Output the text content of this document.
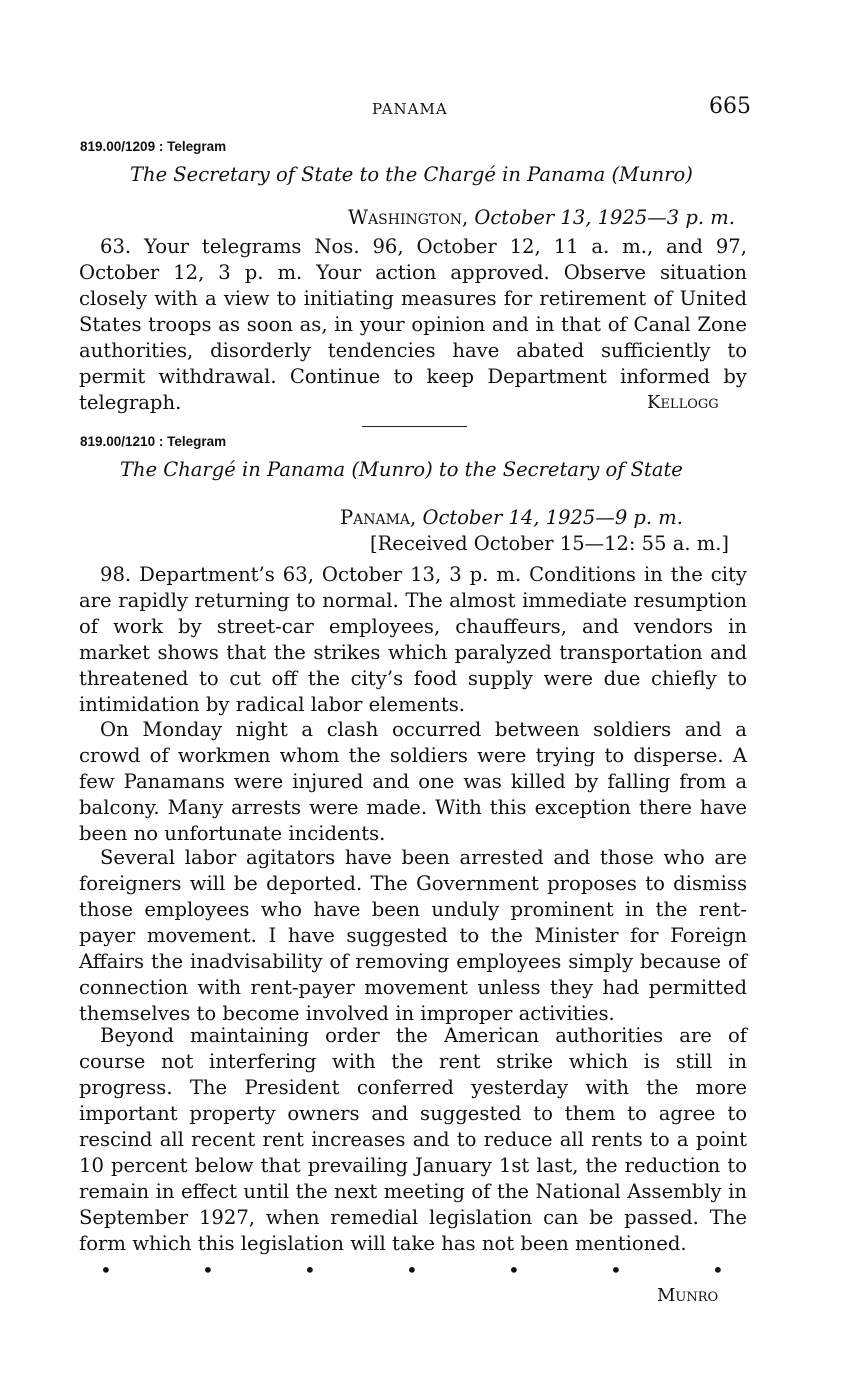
PANAMA	665
819.00/1209 : Telegram
The Secretary of State to the Chargé in Panama (Munro)
Washington, October 13, 1925—3 p. m.
63. Your telegrams Nos. 96, October 12, 11 a. m., and 97, October 12, 3 p. m. Your action approved. Observe situation closely with a view to initiating measures for retirement of United States troops as soon as, in your opinion and in that of Canal Zone authorities, disorderly tendencies have abated sufficiently to permit withdrawal. Continue to keep Department informed by telegraph.	Kellogg
819.00/1210 : Telegram
The Chargé in Panama (Munro) to the Secretary of State
Panama, October 14, 1925—9 p. m.
[Received October 15—12: 55 a. m.]
98. Department’s 63, October 13, 3 p. m. Conditions in the city are rapidly returning to normal. The almost immediate resumption of work by street-car employees, chauffeurs, and vendors in market shows that the strikes which paralyzed transportation and threatened to cut off the city’s food supply were due chiefly to intimidation by radical labor elements.
On Monday night a clash occurred between soldiers and a crowd of workmen whom the soldiers were trying to disperse. A few Panamans were injured and one was killed by falling from a balcony. Many arrests were made. With this exception there have been no unfortunate incidents.
Several labor agitators have been arrested and those who are foreigners will be deported. The Government proposes to dismiss those employees who have been unduly prominent in the rent-payer movement. I have suggested to the Minister for Foreign Affairs the inadvisability of removing employees simply because of connection with rent-payer movement unless they had permitted themselves to become involved in improper activities.
Beyond maintaining order the American authorities are of course not interfering with the rent strike which is still in progress. The President conferred yesterday with the more important property owners and suggested to them to agree to rescind all recent rent increases and to reduce all rents to a point 10 percent below that prevailing January 1st last, the reduction to remain in effect until the next meeting of the National Assembly in September 1927, when remedial legislation can be passed. The form which this legislation will take has not been mentioned.
•	•	•	•	•	•	•
Munro
